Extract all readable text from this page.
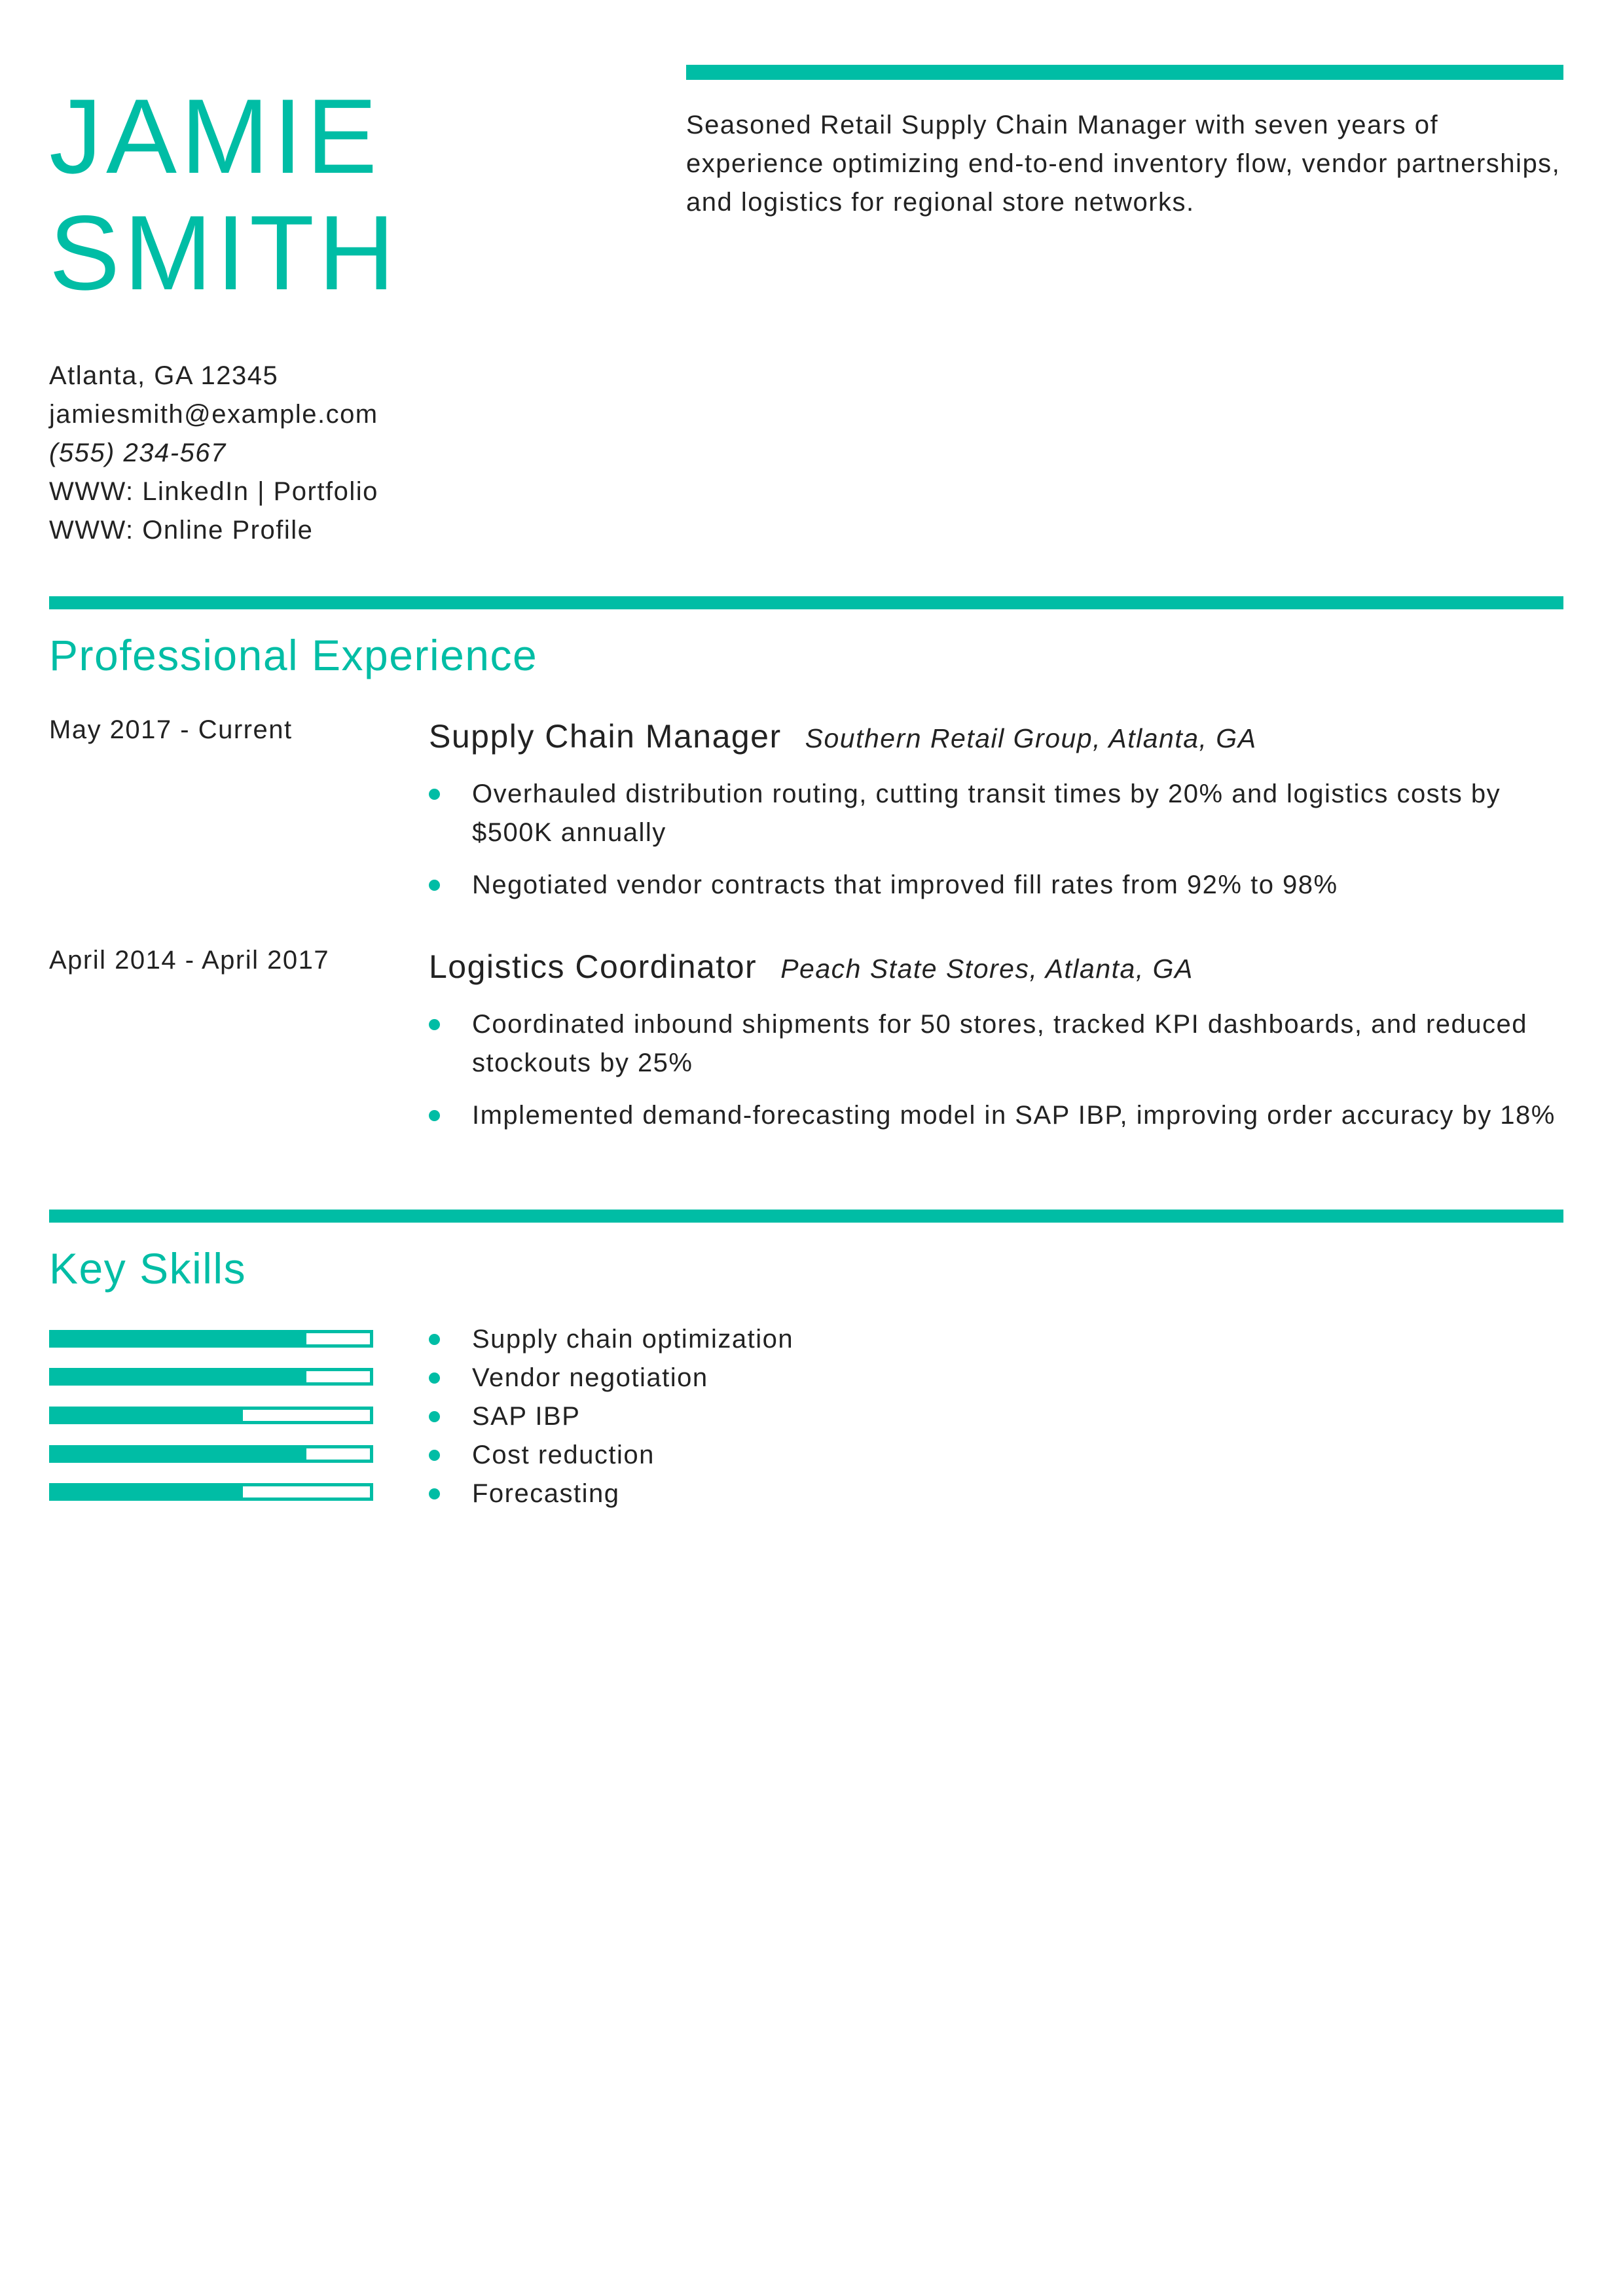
JAMIE
SMITH
Seasoned Retail Supply Chain Manager with seven years of experience optimizing end-to-end inventory flow, vendor partnerships, and logistics for regional store networks.
Atlanta, GA 12345
jamiesmith@example.com
(555) 234-567
WWW: LinkedIn | Portfolio
WWW: Online Profile
Professional Experience
May 2017 - Current	Supply Chain Manager Southern Retail Group, Atlanta, GA
Overhauled distribution routing, cutting transit times by 20% and logistics costs by $500K annually
Negotiated vendor contracts that improved fill rates from 92% to 98%
April 2014 - April 2017	Logistics Coordinator Peach State Stores, Atlanta, GA
Coordinated inbound shipments for 50 stores, tracked KPI dashboards, and reduced stockouts by 25%
Implemented demand-forecasting model in SAP IBP, improving order accuracy by 18%
Key Skills
Supply chain optimization
Vendor negotiation
SAP IBP
Cost reduction
Forecasting
